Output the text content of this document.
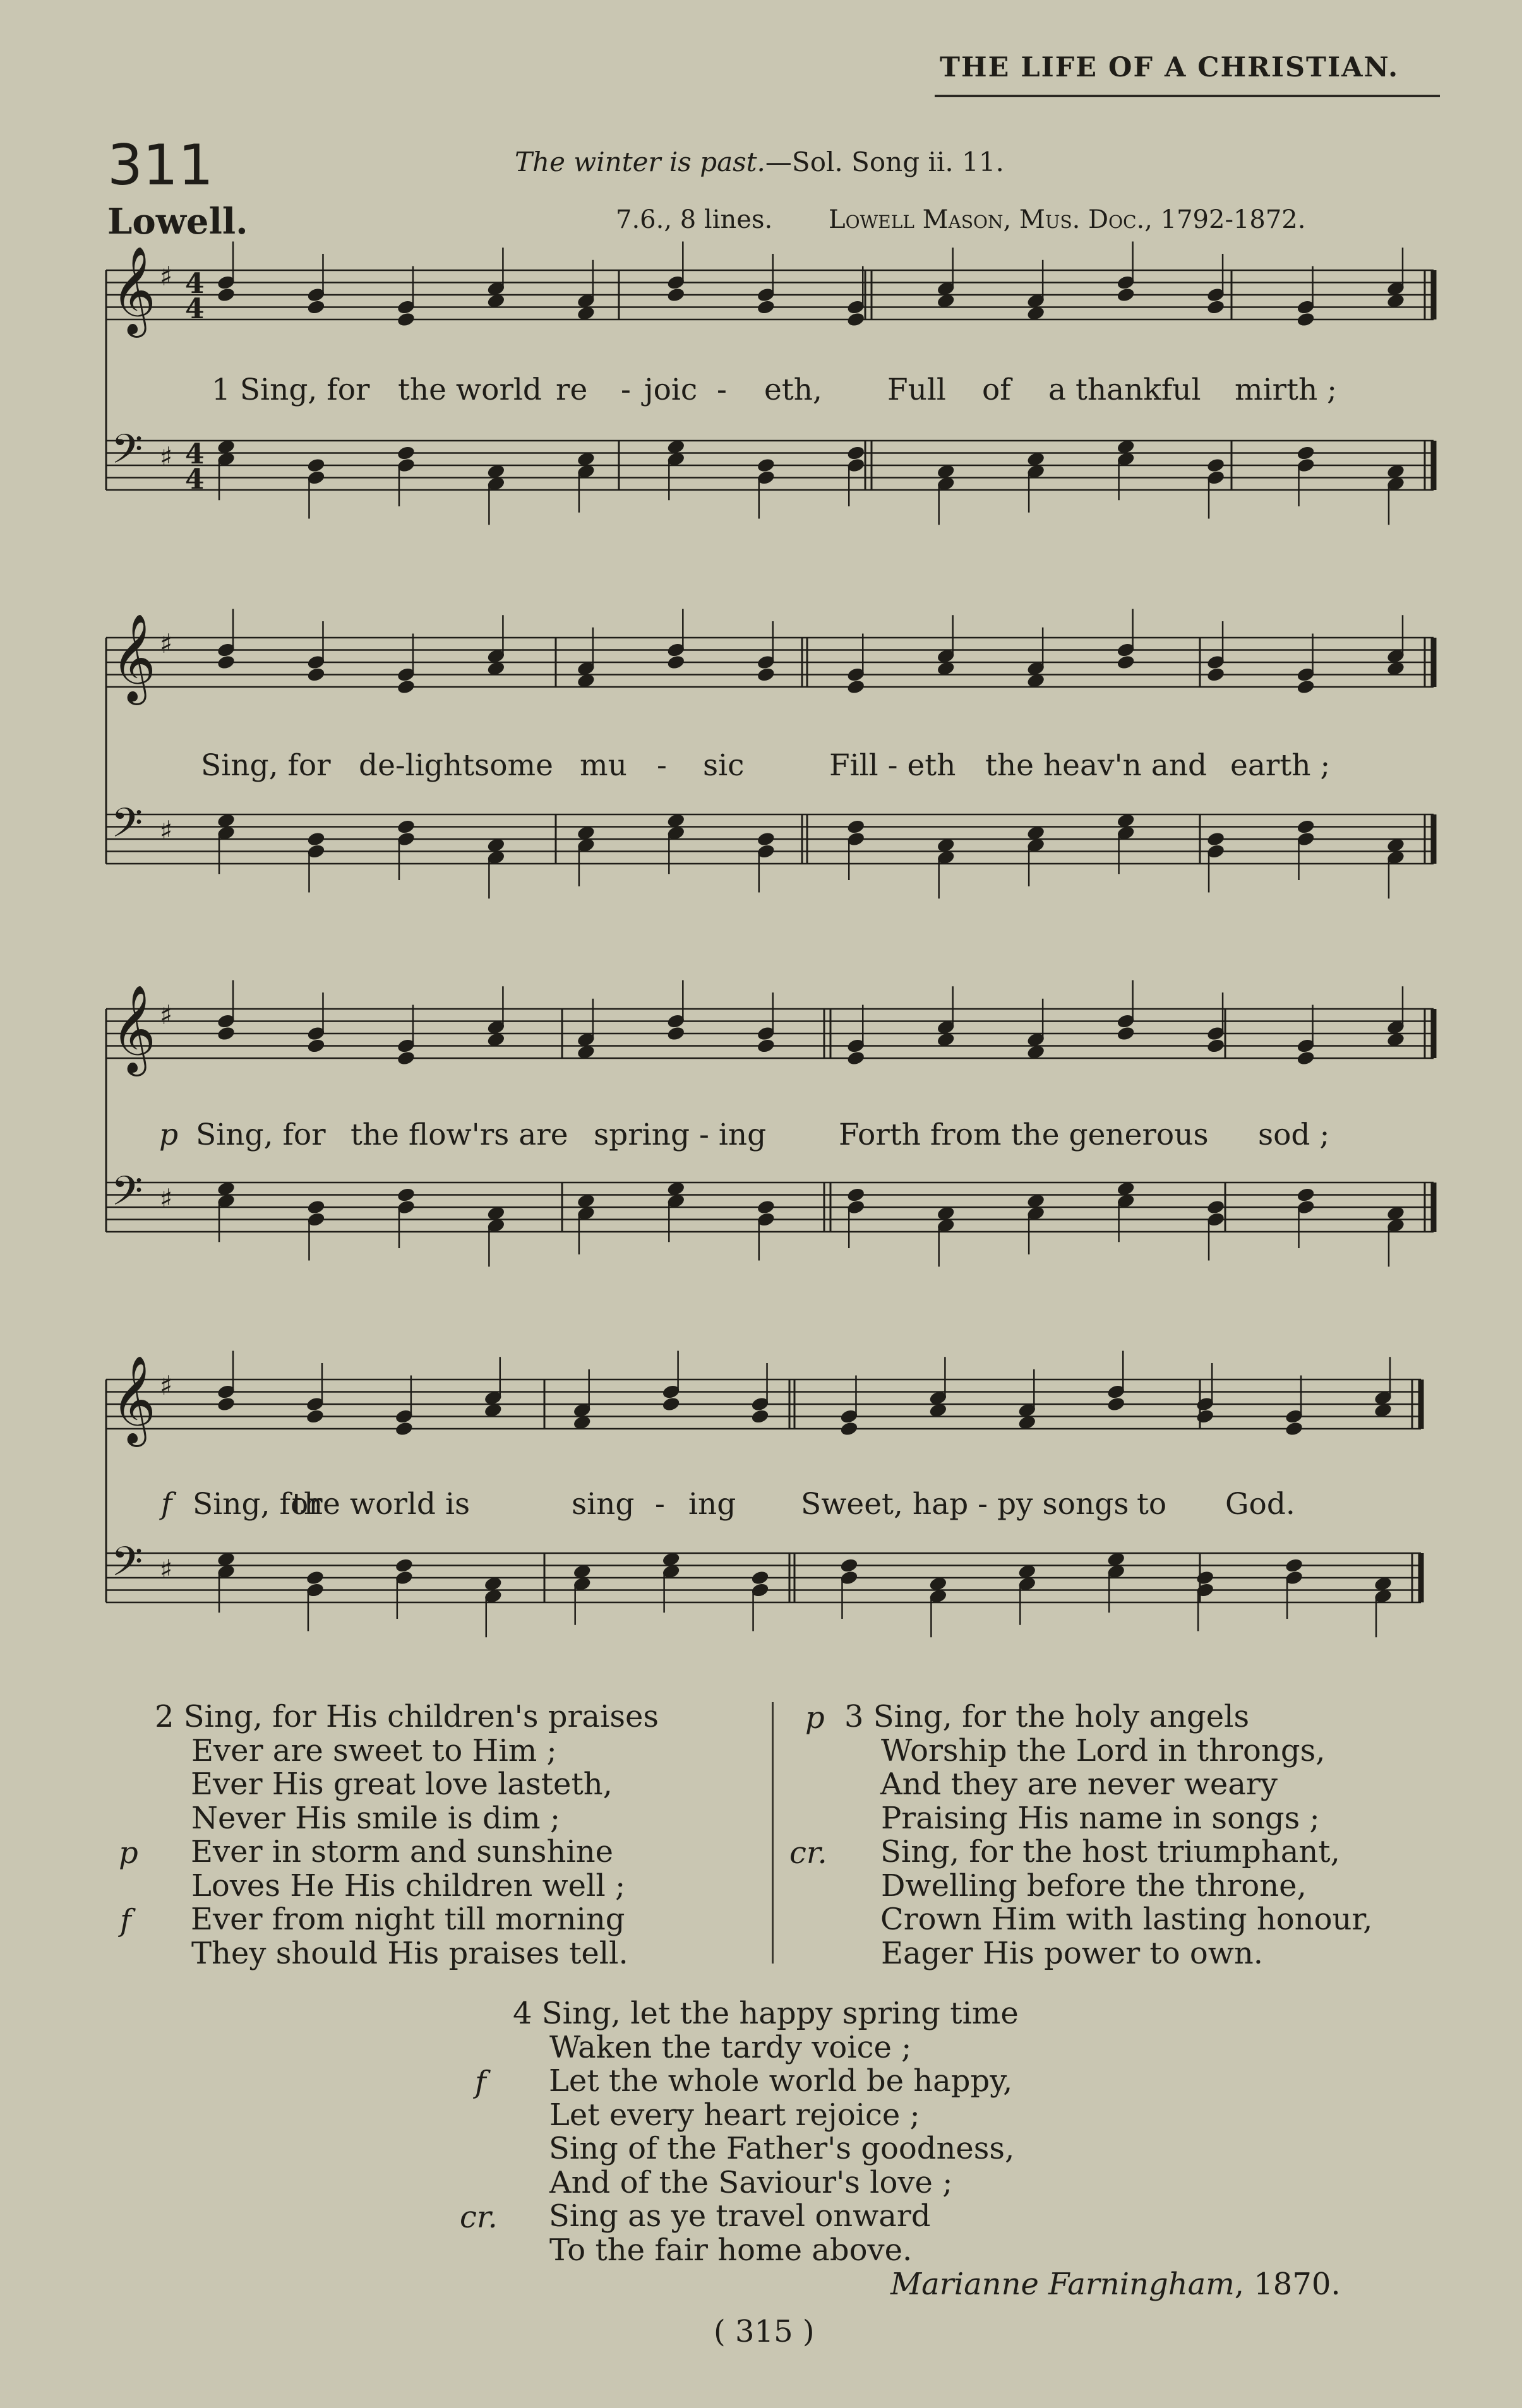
THE LIFE OF A CHRISTIAN.
311	The winter is past.—Sol. Song ii. 11.
Lowell.	7.6., 8 lines. Lowell Mason, Mus. Doc., 1792-1872.
𝄞 ♯ 4
4
𝄢 ♯ 4
4
𝄞 ♯
𝄢 ♯
𝄞 ♯
𝄢 ♯
𝄞 ♯
𝄢 ♯
1 Sing, for the world re - joic - eth, Full of a thankful mirth ;
Sing, for de-lightsome mu - sic	Fill - eth the heav'n and earth ;
p Sing, for the flow'rs are spring - ing Forth from the generous sod ;
f Sing, for
the world is	sing - ing Sweet, hap - py songs to God.
2 Sing, for His children's praises
Ever are sweet to Him ;
Ever His great love lasteth,
Never His smile is dim ;
Ever in storm and sunshine
Loves He His children well ;
Ever from night till morning
They should His praises tell.
p
f
3 Sing, for the holy angels
Worship the Lord in throngs,
And they are never weary
Praising His name in songs ;
Sing, for the host triumphant,
Dwelling before the throne,
Crown Him with lasting honour,
Eager His power to own.
p
cr.
4 Sing, let the happy spring time
Waken the tardy voice ;
Let the whole world be happy,
Let every heart rejoice ;
Sing of the Father's goodness,
And of the Saviour's love ;
Sing as ye travel onward
To the fair home above.
f
cr.
Marianne Farningham, 1870.
( 315 )
